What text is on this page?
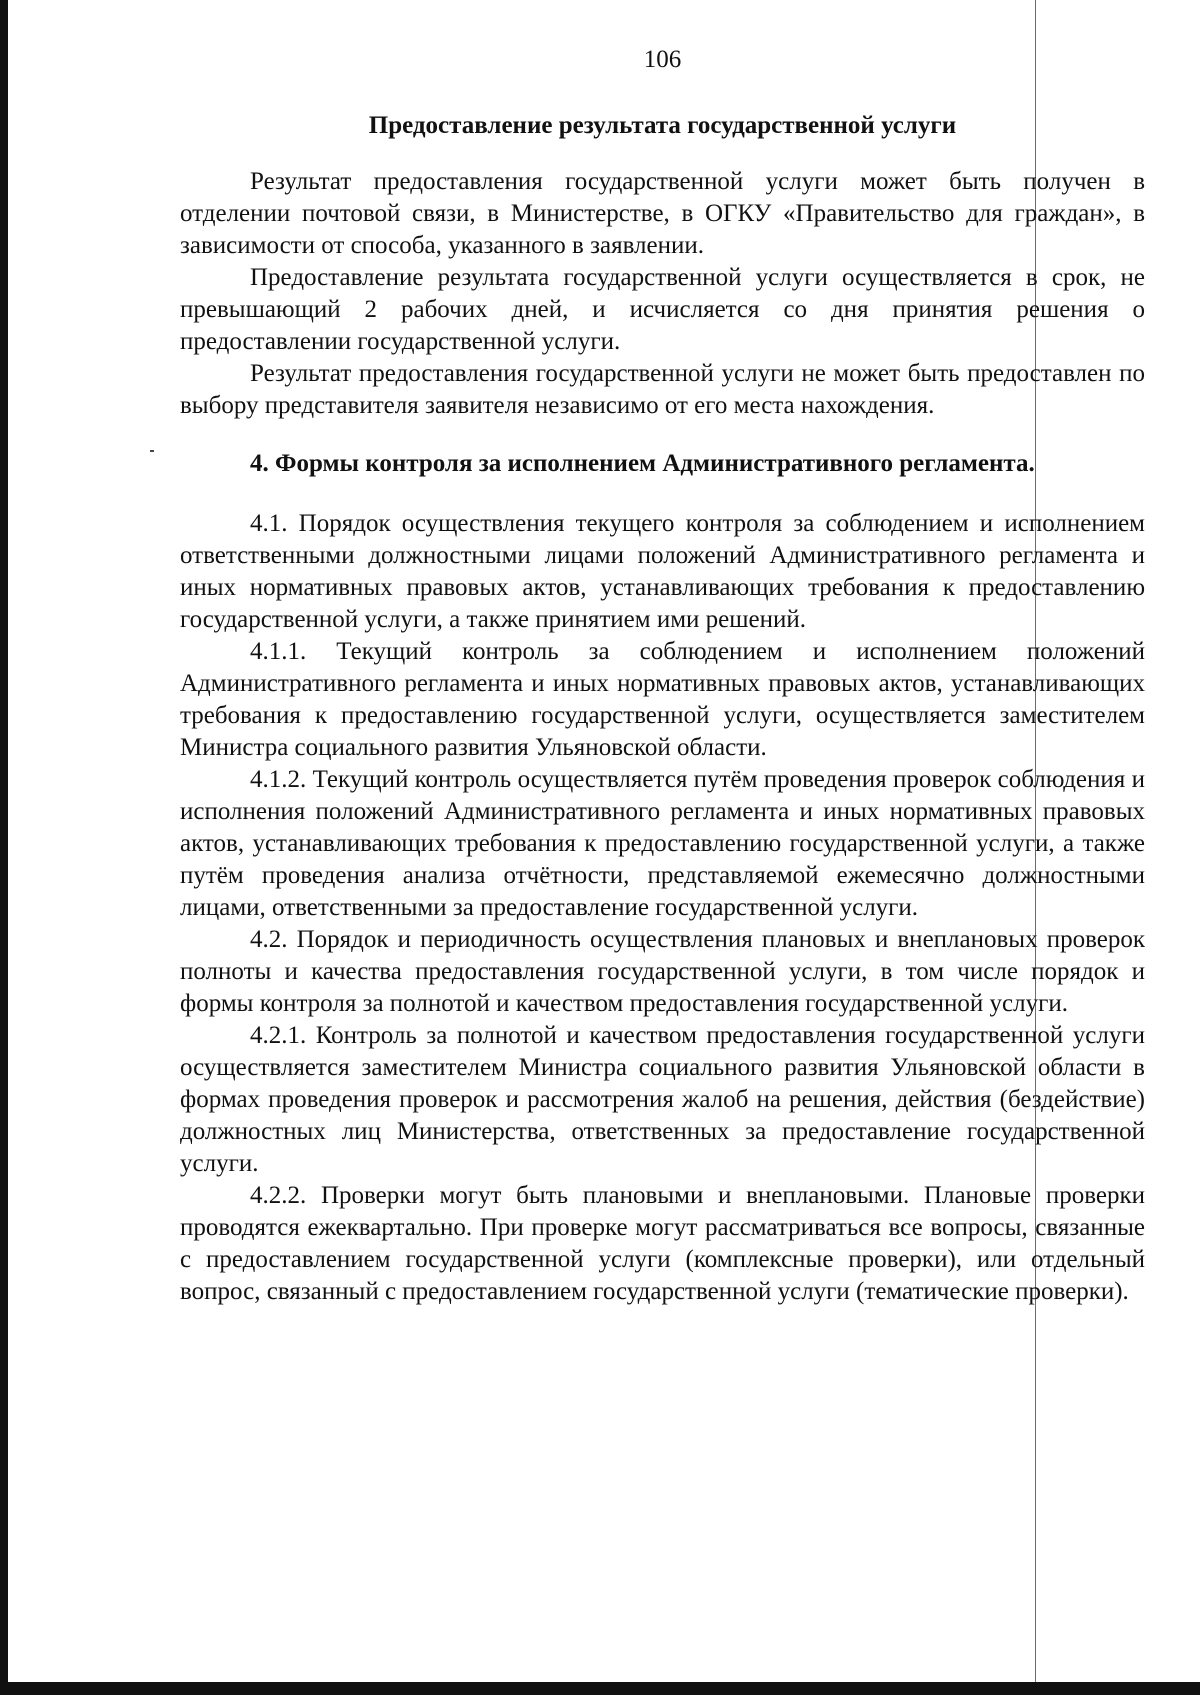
106
Предоставление результата государственной услуги

Результат предоставления государственной услуги может быть получен в отделении почтовой связи, в Министерстве, в ОГКУ «Правительство для граждан», в зависимости от способа, указанного в заявлении.

Предоставление результата государственной услуги осуществляется в срок, не превышающий 2 рабочих дней, и исчисляется со дня принятия решения о предоставлении государственной услуги.

Результат предоставления государственной услуги не может быть предоставлен по выбору представителя заявителя независимо от его места нахождения.

4. Формы контроля за исполнением Административного регламента.

4.1. Порядок осуществления текущего контроля за соблюдением и исполнением ответственными должностными лицами положений Административного регламента и иных нормативных правовых актов, устанавливающих требования к предоставлению государственной услуги, а также принятием ими решений.

4.1.1. Текущий контроль за соблюдением и исполнением положений Административного регламента и иных нормативных правовых актов, устанавливающих требования к предоставлению государственной услуги, осуществляется заместителем Министра социального развития Ульяновской области.

4.1.2. Текущий контроль осуществляется путём проведения проверок соблюдения и исполнения положений Административного регламента и иных нормативных правовых актов, устанавливающих требования к предоставлению государственной услуги, а также путём проведения анализа отчётности, представляемой ежемесячно должностными лицами, ответственными за предоставление государственной услуги.

4.2. Порядок и периодичность осуществления плановых и внеплановых проверок полноты и качества предоставления государственной услуги, в том числе порядок и формы контроля за полнотой и качеством предоставления государственной услуги.

4.2.1. Контроль за полнотой и качеством предоставления государственной услуги осуществляется заместителем Министра социального развития Ульяновской области в формах проведения проверок и рассмотрения жалоб на решения, действия (бездействие) должностных лиц Министерства, ответственных за предоставление государственной услуги.

4.2.2. Проверки могут быть плановыми и внеплановыми. Плановые проверки проводятся ежеквартально. При проверке могут рассматриваться все вопросы, связанные с предоставлением государственной услуги (комплексные проверки), или отдельный вопрос, связанный с предоставлением государственной услуги (тематические проверки).
